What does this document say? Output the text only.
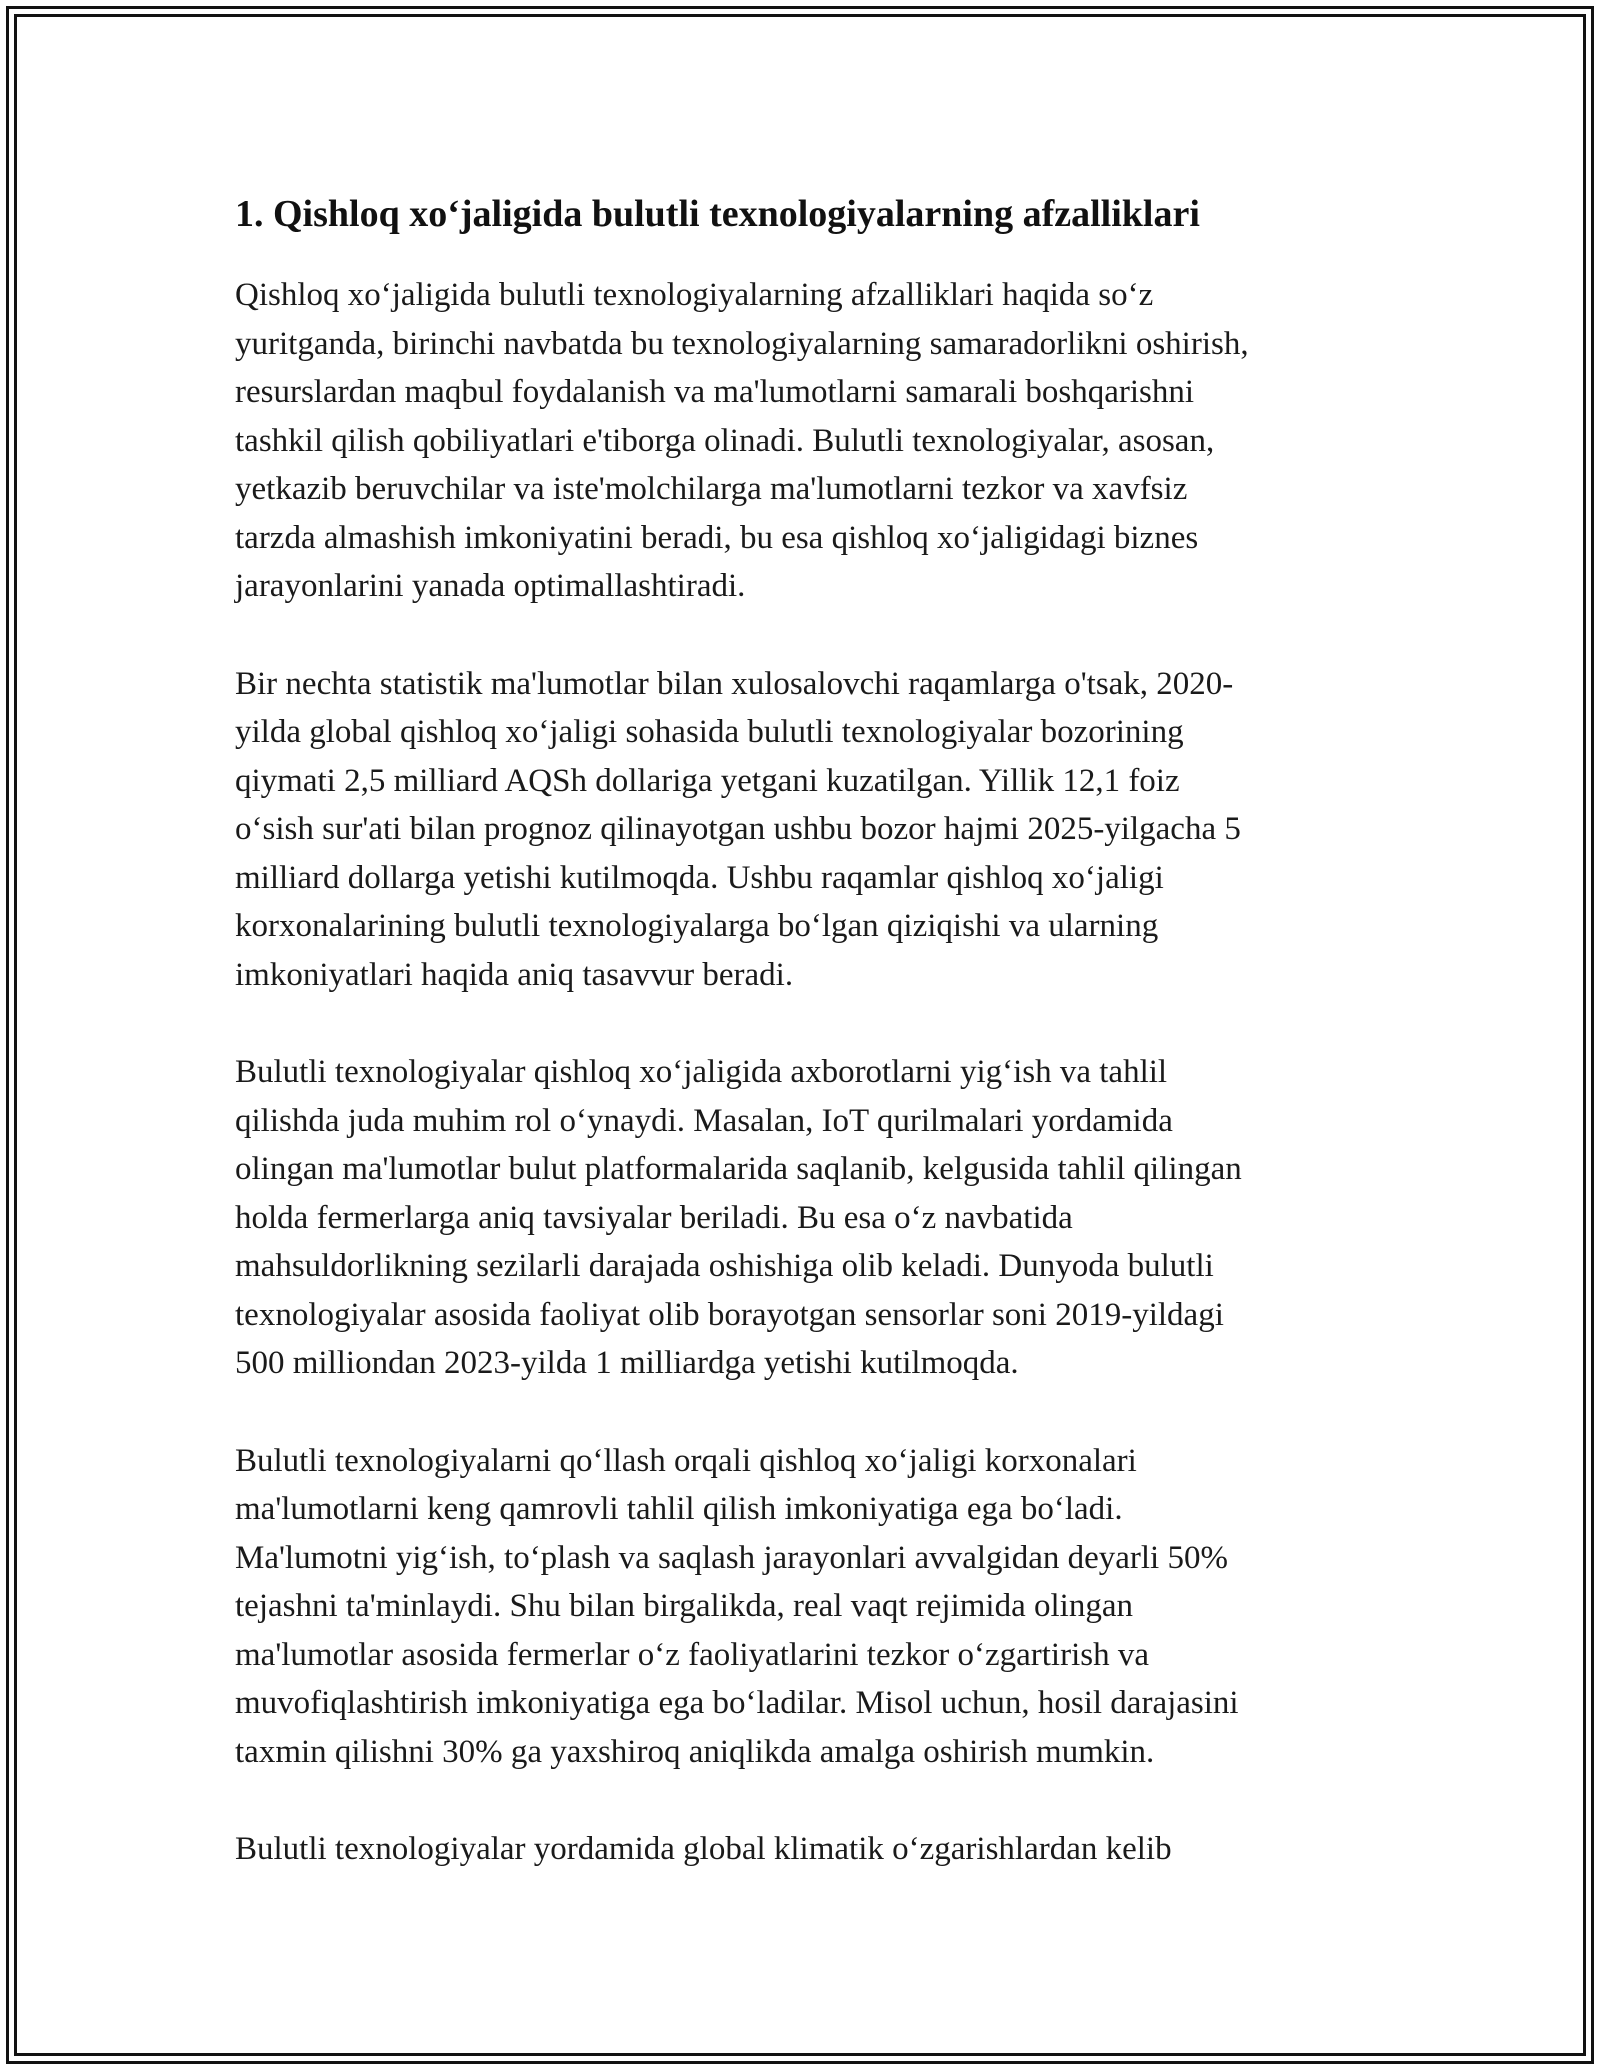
1. Qishloq xo‘jaligida bulutli texnologiyalarning afzalliklari

Qishloq xo‘jaligida bulutli texnologiyalarning afzalliklari haqida so‘z
yuritganda, birinchi navbatda bu texnologiyalarning samaradorlikni oshirish,
resurslardan maqbul foydalanish va ma'lumotlarni samarali boshqarishni
tashkil qilish qobiliyatlari e'tiborga olinadi. Bulutli texnologiyalar, asosan,
yetkazib beruvchilar va iste'molchilarga ma'lumotlarni tezkor va xavfsiz
tarzda almashish imkoniyatini beradi, bu esa qishloq xo‘jaligidagi biznes
jarayonlarini yanada optimallashtiradi.

Bir nechta statistik ma'lumotlar bilan xulosalovchi raqamlarga o'tsak, 2020-
yilda global qishloq xo‘jaligi sohasida bulutli texnologiyalar bozorining
qiymati 2,5 milliard AQSh dollariga yetgani kuzatilgan. Yillik 12,1 foiz
o‘sish sur'ati bilan prognoz qilinayotgan ushbu bozor hajmi 2025-yilgacha 5
milliard dollarga yetishi kutilmoqda. Ushbu raqamlar qishloq xo‘jaligi
korxonalarining bulutli texnologiyalarga bo‘lgan qiziqishi va ularning
imkoniyatlari haqida aniq tasavvur beradi.

Bulutli texnologiyalar qishloq xo‘jaligida axborotlarni yig‘ish va tahlil
qilishda juda muhim rol o‘ynaydi. Masalan, IoT qurilmalari yordamida
olingan ma'lumotlar bulut platformalarida saqlanib, kelgusida tahlil qilingan
holda fermerlarga aniq tavsiyalar beriladi. Bu esa o‘z navbatida
mahsuldorlikning sezilarli darajada oshishiga olib keladi. Dunyoda bulutli
texnologiyalar asosida faoliyat olib borayotgan sensorlar soni 2019-yildagi
500 milliondan 2023-yilda 1 milliardga yetishi kutilmoqda.

Bulutli texnologiyalarni qo‘llash orqali qishloq xo‘jaligi korxonalari
ma'lumotlarni keng qamrovli tahlil qilish imkoniyatiga ega bo‘ladi.
Ma'lumotni yig‘ish, to‘plash va saqlash jarayonlari avvalgidan deyarli 50%
tejashni ta'minlaydi. Shu bilan birgalikda, real vaqt rejimida olingan
ma'lumotlar asosida fermerlar o‘z faoliyatlarini tezkor o‘zgartirish va
muvofiqlashtirish imkoniyatiga ega bo‘ladilar. Misol uchun, hosil darajasini
taxmin qilishni 30% ga yaxshiroq aniqlikda amalga oshirish mumkin.

Bulutli texnologiyalar yordamida global klimatik o‘zgarishlardan kelib
